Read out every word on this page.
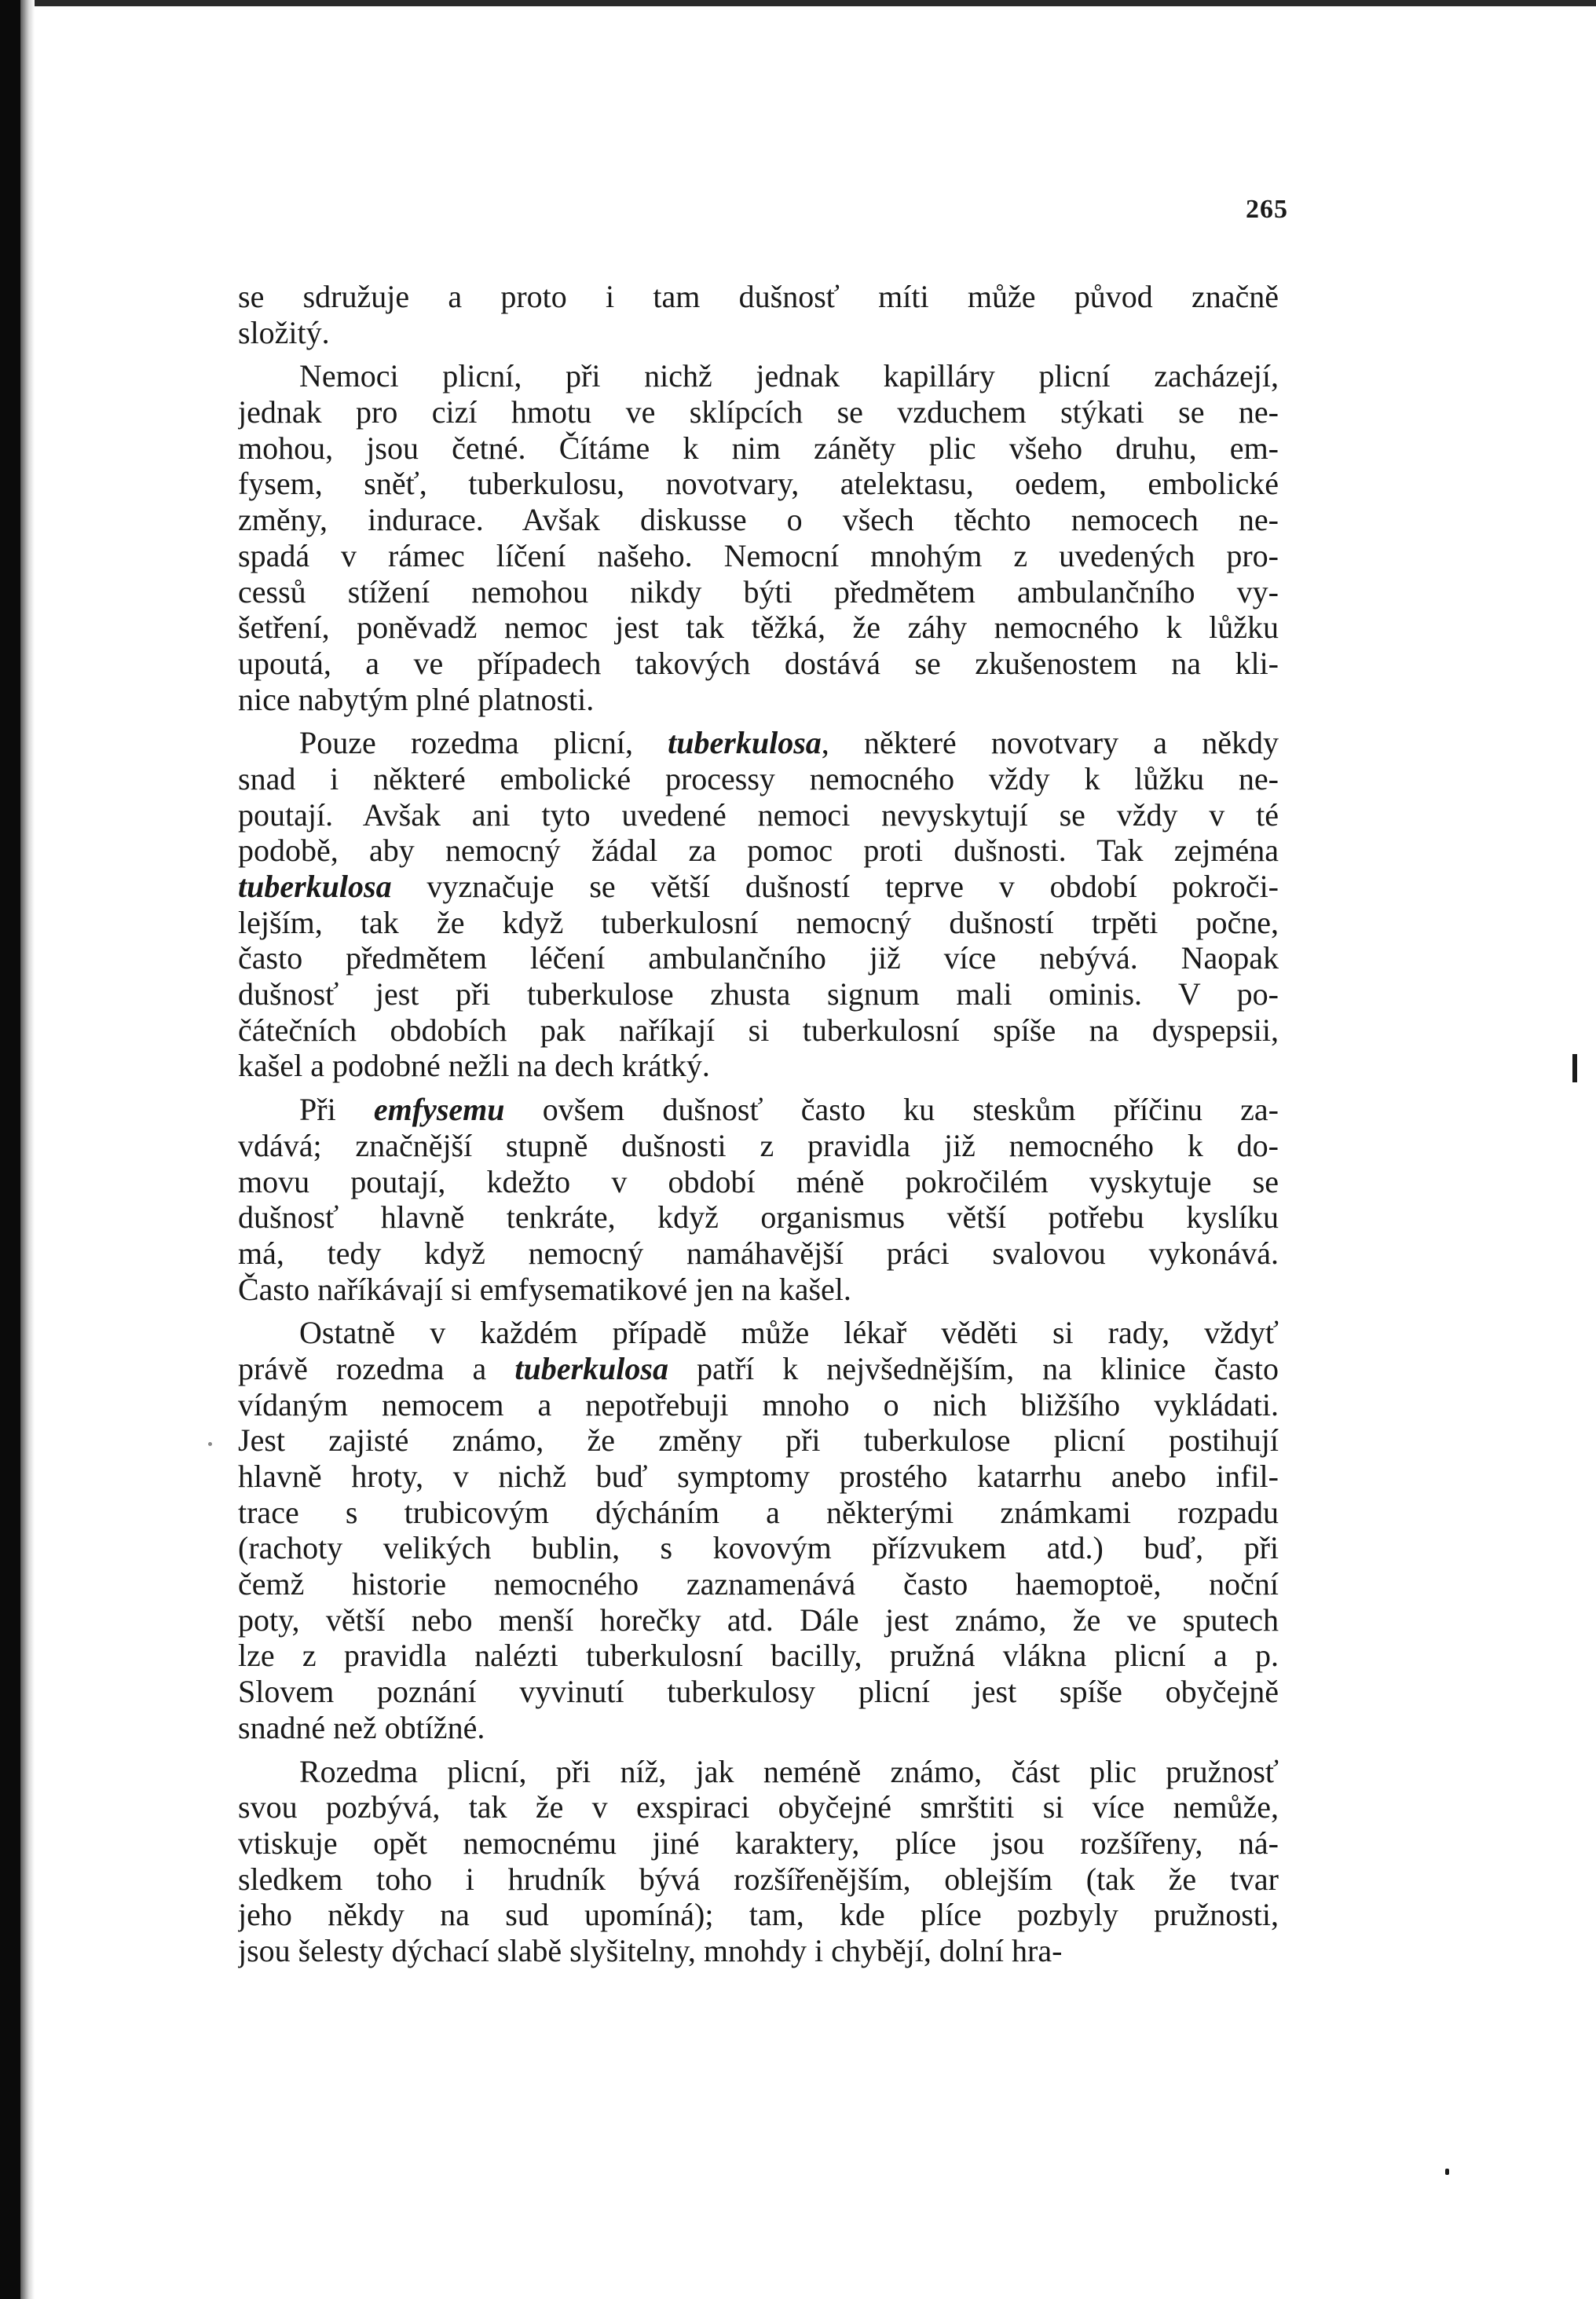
265
se sdružuje a proto i tam dušnosť míti může původ značně
složitý.
Nemoci plicní, při nichž jednak kapilláry plicní zacházejí,
jednak pro cizí hmotu ve sklípcích se vzduchem stýkati se ne-
mohou, jsou četné. Čítáme k nim záněty plic všeho druhu, em-
fysem, sněť, tuberkulosu, novotvary, atelektasu, oedem, embolické
změny, indurace. Avšak diskusse o všech těchto nemocech ne-
spadá v rámec líčení našeho. Nemocní mnohým z uvedených pro-
cessů stížení nemohou nikdy býti předmětem ambulančního vy-
šetření, poněvadž nemoc jest tak těžká, že záhy nemocného k lůžku
upoutá, a ve případech takových dostává se zkušenostem na kli-
nice nabytým plné platnosti.
Pouze rozedma plicní, tuberkulosa, některé novotvary a někdy
snad i některé embolické processy nemocného vždy k lůžku ne-
poutají. Avšak ani tyto uvedené nemoci nevyskytují se vždy v té
podobě, aby nemocný žádal za pomoc proti dušnosti. Tak zejména
tuberkulosa vyznačuje se větší dušností teprve v období pokroči-
lejším, tak že když tuberkulosní nemocný dušností trpěti počne,
často předmětem léčení ambulančního již více nebývá. Naopak
dušnosť jest při tuberkulose zhusta signum mali ominis. V po-
čátečních obdobích pak naříkají si tuberkulosní spíše na dyspepsii,
kašel a podobné nežli na dech krátký.
Při emfysemu ovšem dušnosť často ku steskům příčinu za-
vdává; značnější stupně dušnosti z pravidla již nemocného k do-
movu poutají, kdežto v období méně pokročilém vyskytuje se
dušnosť hlavně tenkráte, když organismus větší potřebu kyslíku
má, tedy když nemocný namáhavější práci svalovou vykonává.
Často naříkávají si emfysematikové jen na kašel.
Ostatně v každém případě může lékař věděti si rady, vždyť
právě rozedma a tuberkulosa patří k nejvšednějším, na klinice často
vídaným nemocem a nepotřebuji mnoho o nich bližšího vykládati.
Jest zajisté známo, že změny při tuberkulose plicní postihují
hlavně hroty, v nichž buď symptomy prostého katarrhu anebo infil-
trace s trubicovým dýcháním a některými známkami rozpadu
(rachoty velikých bublin, s kovovým přízvukem atd.) buď, při
čemž historie nemocného zaznamenává často haemoptoë, noční
poty, větší nebo menší horečky atd. Dále jest známo, že ve sputech
lze z pravidla nalézti tuberkulosní bacilly, pružná vlákna plicní a p.
Slovem poznání vyvinutí tuberkulosy plicní jest spíše obyčejně
snadné než obtížné.
Rozedma plicní, při níž, jak neméně známo, část plic pružnosť
svou pozbývá, tak že v exspiraci obyčejné smrštiti si více nemůže,
vtiskuje opět nemocnému jiné karaktery, plíce jsou rozšířeny, ná-
sledkem toho i hrudník bývá rozšířenějším, oblejším (tak že tvar
jeho někdy na sud upomíná); tam, kde plíce pozbyly pružnosti,
jsou šelesty dýchací slabě slyšitelny, mnohdy i chybějí, dolní hra-
